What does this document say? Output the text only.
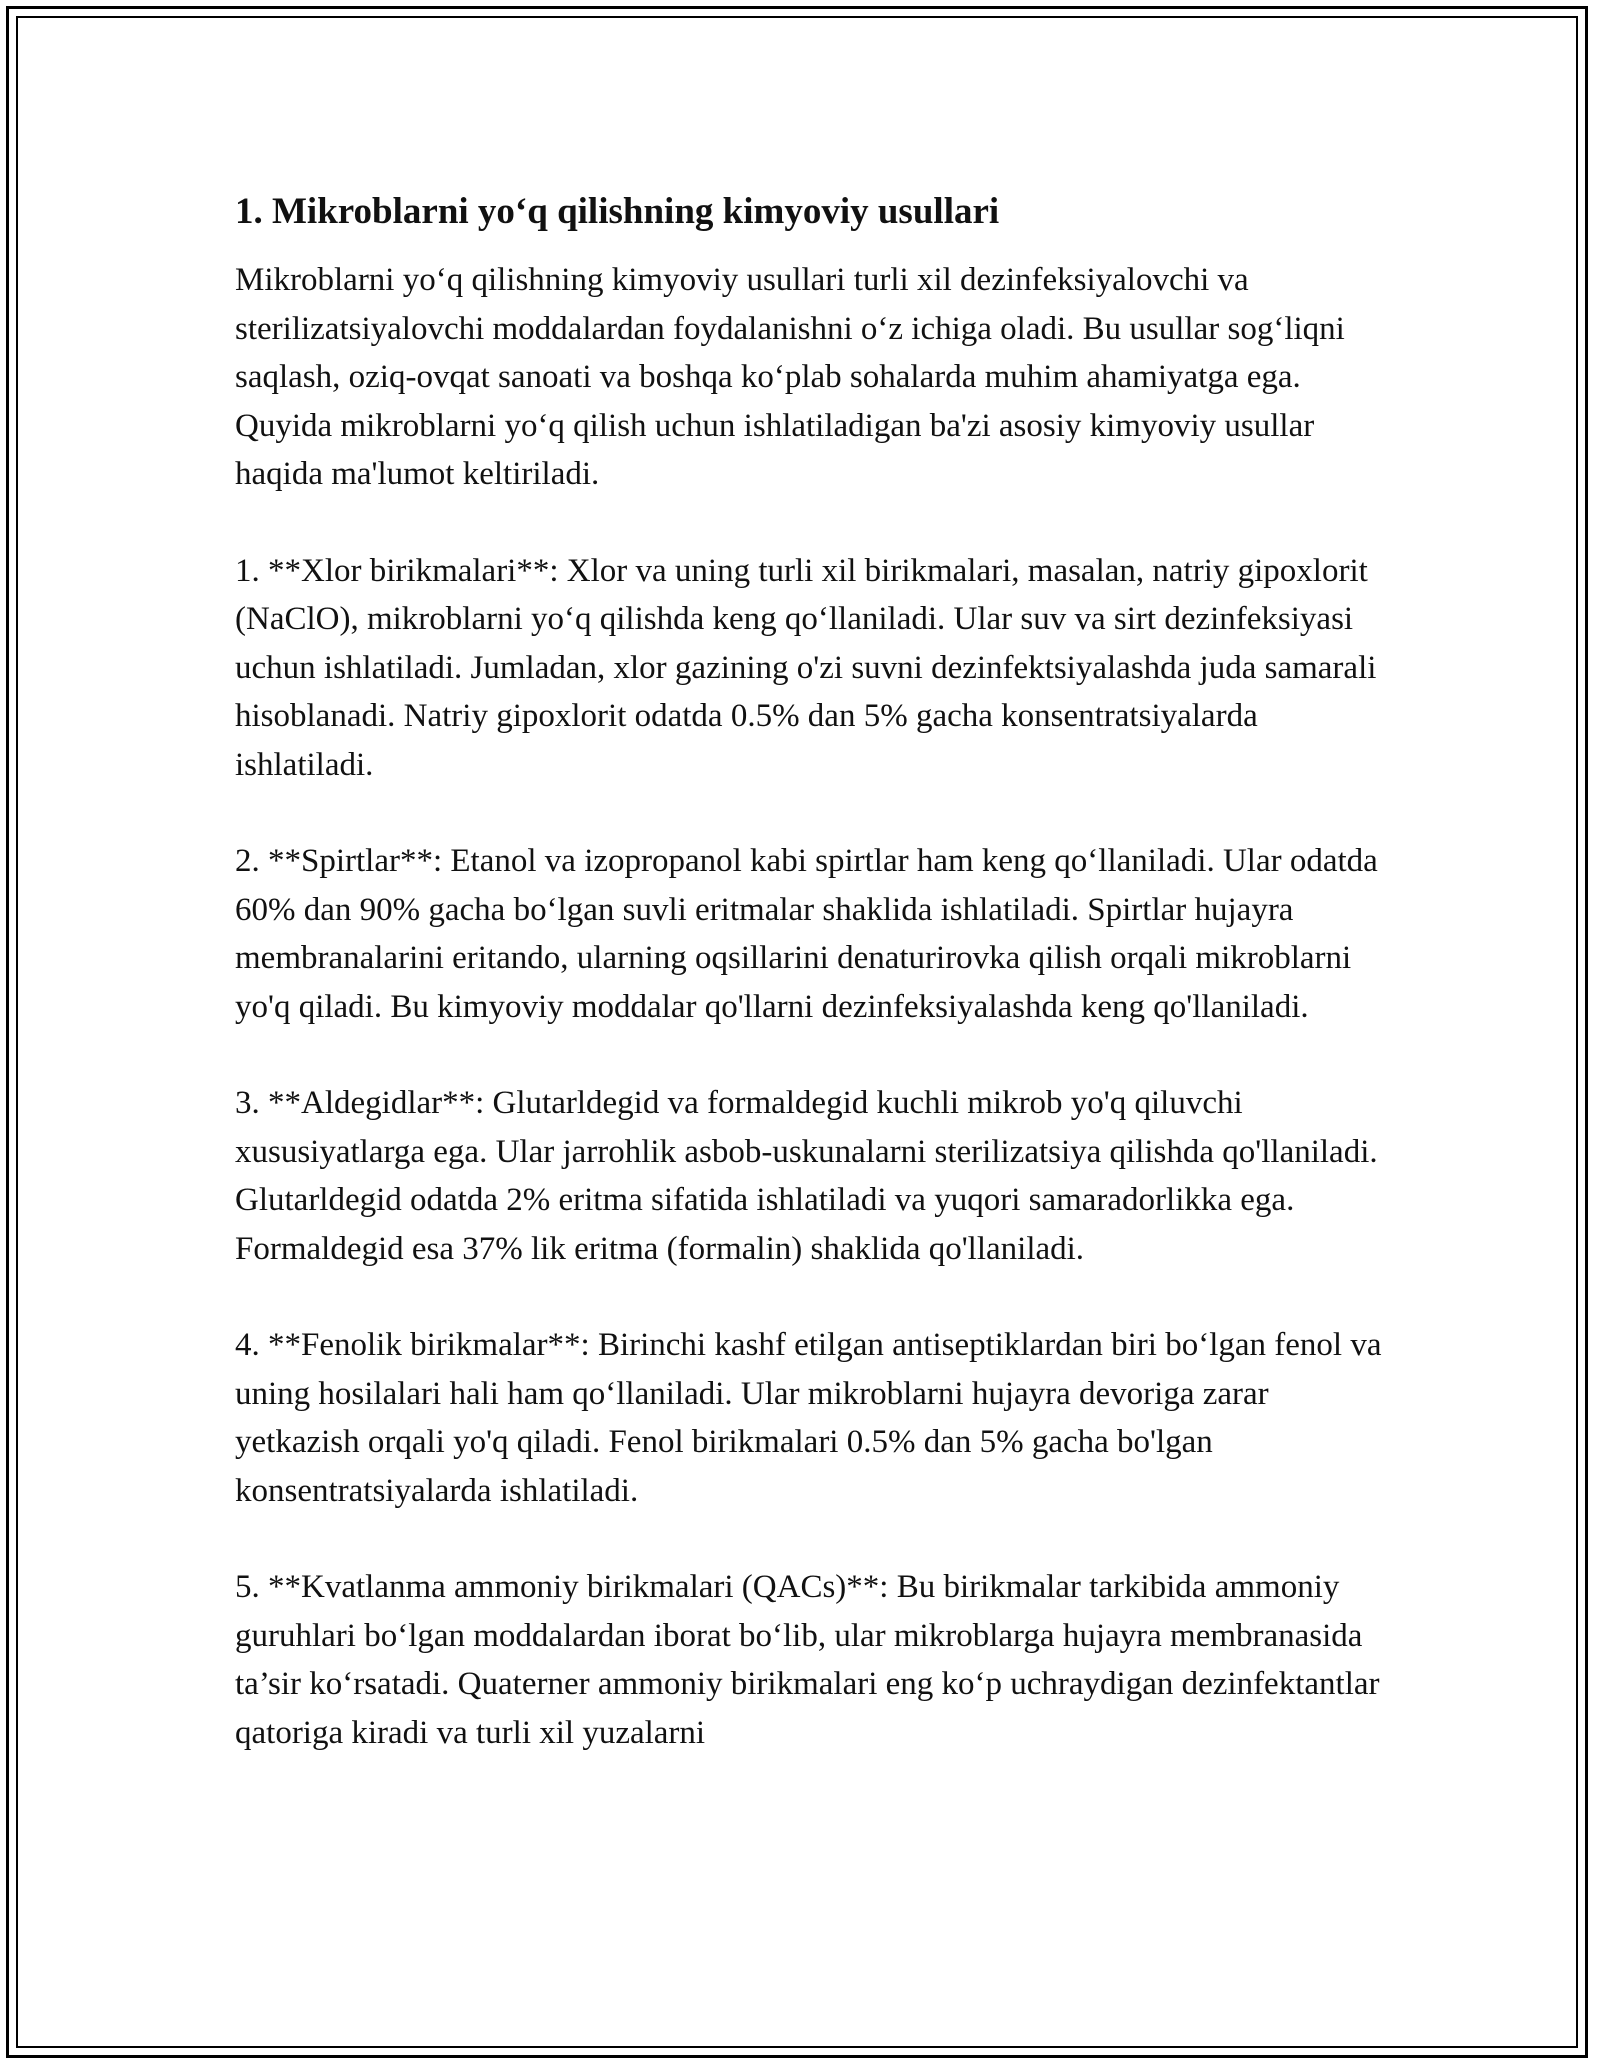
1. Mikroblarni yo‘q qilishning kimyoviy usullari

Mikroblarni yo‘q qilishning kimyoviy usullari turli xil dezinfeksiyalovchi va sterilizatsiyalovchi moddalardan foydalanishni o‘z ichiga oladi. Bu usullar sog‘liqni saqlash, oziq-ovqat sanoati va boshqa ko‘plab sohalarda muhim ahamiyatga ega. Quyida mikroblarni yo‘q qilish uchun ishlatiladigan ba'zi asosiy kimyoviy usullar haqida ma'lumot keltiriladi.

1. **Xlor birikmalari**: Xlor va uning turli xil birikmalari, masalan, natriy gipoxlorit (NaClO), mikroblarni yo‘q qilishda keng qo‘llaniladi. Ular suv va sirt dezinfeksiyasi uchun ishlatiladi. Jumladan, xlor gazining o'zi suvni dezinfektsiyalashda juda samarali hisoblanadi. Natriy gipoxlorit odatda 0.5% dan 5% gacha konsentratsiyalarda ishlatiladi.

2. **Spirtlar**: Etanol va izopropanol kabi spirtlar ham keng qo‘llaniladi. Ular odatda 60% dan 90% gacha bo‘lgan suvli eritmalar shaklida ishlatiladi. Spirtlar hujayra membranalarini eritando, ularning oqsillarini denaturirovka qilish orqali mikroblarni yo'q qiladi. Bu kimyoviy moddalar qo'llarni dezinfeksiyalashda keng qo'llaniladi.

3. **Aldegidlar**: Glutarldegid va formaldegid kuchli mikrob yo'q qiluvchi xususiyatlarga ega. Ular jarrohlik asbob-uskunalarni sterilizatsiya qilishda qo'llaniladi. Glutarldegid odatda 2% eritma sifatida ishlatiladi va yuqori samaradorlikka ega. Formaldegid esa 37% lik eritma (formalin) shaklida qo'llaniladi.

4. **Fenolik birikmalar**: Birinchi kashf etilgan antiseptiklardan biri bo‘lgan fenol va uning hosilalari hali ham qo‘llaniladi. Ular mikroblarni hujayra devoriga zarar yetkazish orqali yo'q qiladi. Fenol birikmalari 0.5% dan 5% gacha bo'lgan konsentratsiyalarda ishlatiladi.

5. **Kvatlanma ammoniy birikmalari (QACs)**: Bu birikmalar tarkibida ammoniy guruhlari bo‘lgan moddalardan iborat bo‘lib, ular mikroblarga hujayra membranasida ta’sir ko‘rsatadi. Quaterner ammoniy birikmalari eng ko‘p uchraydigan dezinfektantlar qatoriga kiradi va turli xil yuzalarni
